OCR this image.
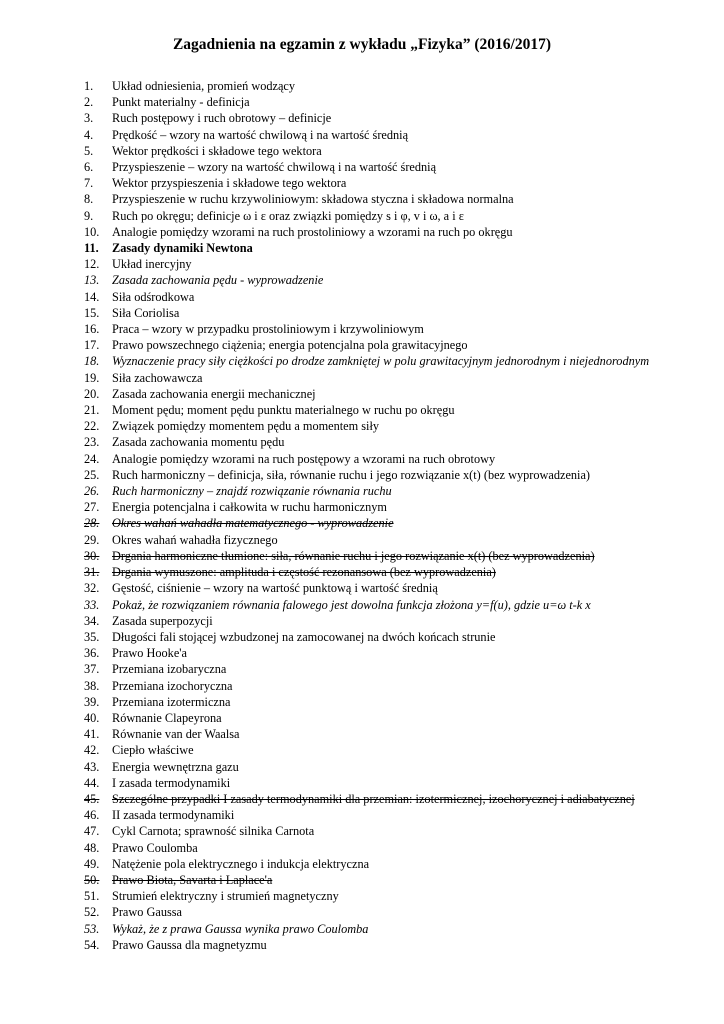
Zagadnienia na egzamin z wykładu „Fizyka” (2016/2017)
1.	Układ odniesienia, promień wodzący
2.	Punkt materialny - definicja
3.	Ruch postępowy i ruch obrotowy – definicje
4.	Prędkość – wzory na wartość chwilową i na wartość średnią
5.	Wektor prędkości i składowe tego wektora
6.	Przyspieszenie – wzory na wartość chwilową i na wartość średnią
7.	Wektor przyspieszenia i składowe tego wektora
8.	Przyspieszenie w ruchu krzywoliniowym: składowa styczna i składowa normalna
9.	Ruch po okręgu; definicje ω i ε oraz związki pomiędzy s i φ, v i ω, a i ε
10.	Analogie pomiędzy wzorami na ruch prostoliniowy a wzorami na ruch po okręgu
11.	Zasady dynamiki Newtona
12.	Układ inercyjny
13.	Zasada zachowania pędu - wyprowadzenie
14.	Siła odśrodkowa
15.	Siła Coriolisa
16.	Praca – wzory w przypadku prostoliniowym i krzywoliniowym
17.	Prawo powszechnego ciążenia; energia potencjalna pola grawitacyjnego
18.	Wyznaczenie pracy siły ciężkości po drodze zamkniętej w polu grawitacyjnym jednorodnym i niejednorodnym
19.	Siła zachowawcza
20.	Zasada zachowania energii mechanicznej
21.	Moment pędu; moment pędu punktu materialnego w ruchu po okręgu
22.	Związek pomiędzy momentem pędu a momentem siły
23.	Zasada zachowania momentu pędu
24.	Analogie pomiędzy wzorami na ruch postępowy a wzorami na ruch obrotowy
25.	Ruch harmoniczny – definicja, siła, równanie ruchu i jego rozwiązanie x(t) (bez wyprowadzenia)
26.	Ruch harmoniczny – znajdź rozwiązanie równania ruchu
27.	Energia potencjalna i całkowita w ruchu harmonicznym
28.	Okres wahań wahadła matematycznego - wyprowadzenie
29.	Okres wahań wahadła fizycznego
30.	Drgania harmoniczne tłumione: siła, równanie ruchu i jego rozwiązanie x(t) (bez wyprowadzenia)
31.	Drgania wymuszone: amplituda i częstość rezonansowa (bez wyprowadzenia)
32.	Gęstość, ciśnienie – wzory na wartość punktową i wartość średnią
33.	Pokaż, że rozwiązaniem równania falowego jest dowolna funkcja złożona y=f(u), gdzie u=ω t-k x
34.	Zasada superpozycji
35.	Długości fali stojącej wzbudzonej na zamocowanej na dwóch końcach strunie
36.	Prawo Hooke'a
37.	Przemiana izobaryczna
38.	Przemiana izochoryczna
39.	Przemiana izotermiczna
40.	Równanie Clapeyrona
41.	Równanie van der Waalsa
42.	Ciepło właściwe
43.	Energia wewnętrzna gazu
44.	I zasada termodynamiki
45.	Szczególne przypadki I zasady termodynamiki dla przemian: izotermicznej, izochorycznej i adiabatycznej
46.	II zasada termodynamiki
47.	Cykl Carnota; sprawność silnika Carnota
48.	Prawo Coulomba
49.	Natężenie pola elektrycznego i indukcja elektryczna
50.	Prawo Biota, Savarta i Laplace'a
51.	Strumień elektryczny i strumień magnetyczny
52.	Prawo Gaussa
53.	Wykaż, że z prawa Gaussa wynika prawo Coulomba
54.	Prawo Gaussa dla magnetyzmu
